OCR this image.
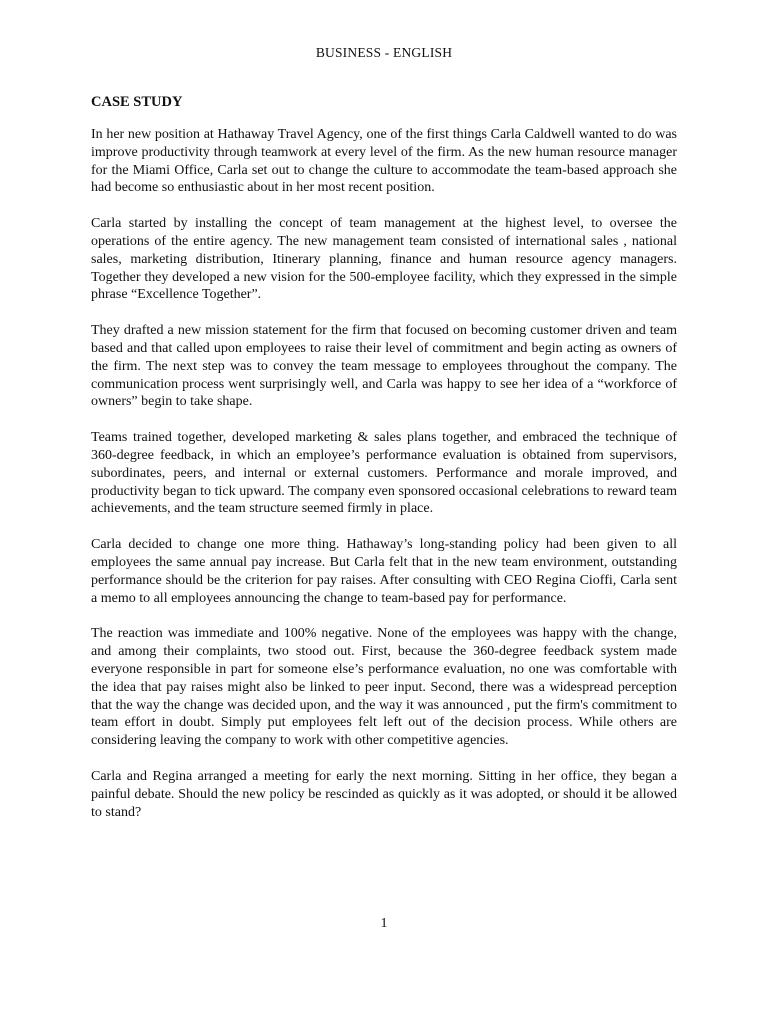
BUSINESS - ENGLISH
CASE STUDY

In her new position at Hathaway Travel Agency, one of the first things Carla Caldwell wanted to do was improve productivity through teamwork at every level of the firm. As the new human resource manager for the Miami Office, Carla set out to change the culture to accommodate the team-based approach she had become so enthusiastic about in her most recent position.

Carla started by installing the concept of team management at the highest level, to oversee the operations of the entire agency. The new management team consisted of international sales , national sales, marketing distribution, Itinerary planning, finance and human resource agency managers. Together they developed a new vision for the 500-employee facility, which they expressed in the simple phrase “Excellence Together”.

They drafted a new mission statement for the firm that focused on becoming customer driven and team based and that called upon employees to raise their level of commitment and begin acting as owners of the firm. The next step was to convey the team message to employees throughout the company. The communication process went surprisingly well, and Carla was happy to see her idea of a “workforce of owners” begin to take shape.

Teams trained together, developed marketing & sales plans together, and embraced the technique of 360-degree feedback, in which an employee’s performance evaluation is obtained from supervisors, subordinates, peers, and internal or external customers. Performance and morale improved, and productivity began to tick upward. The company even sponsored occasional celebrations to reward team achievements, and the team structure seemed firmly in place.

Carla decided to change one more thing. Hathaway’s long-standing policy had been given to all employees the same annual pay increase. But Carla felt that in the new team environment, outstanding performance should be the criterion for pay raises. After consulting with CEO Regina Cioffi, Carla sent a memo to all employees announcing the change to team-based pay for performance.

The reaction was immediate and 100% negative. None of the employees was happy with the change, and among their complaints, two stood out. First, because the 360-degree feedback system made everyone responsible in part for someone else’s performance evaluation, no one was comfortable with the idea that pay raises might also be linked to peer input. Second, there was a widespread perception that the way the change was decided upon, and the way it was announced , put the firm's commitment to team effort in doubt. Simply put employees felt left out of the decision process. While others are considering leaving the company to work with other competitive agencies.

Carla and Regina arranged a meeting for early the next morning. Sitting in her office, they began a painful debate. Should the new policy be rescinded as quickly as it was adopted, or should it be allowed to stand?

1
